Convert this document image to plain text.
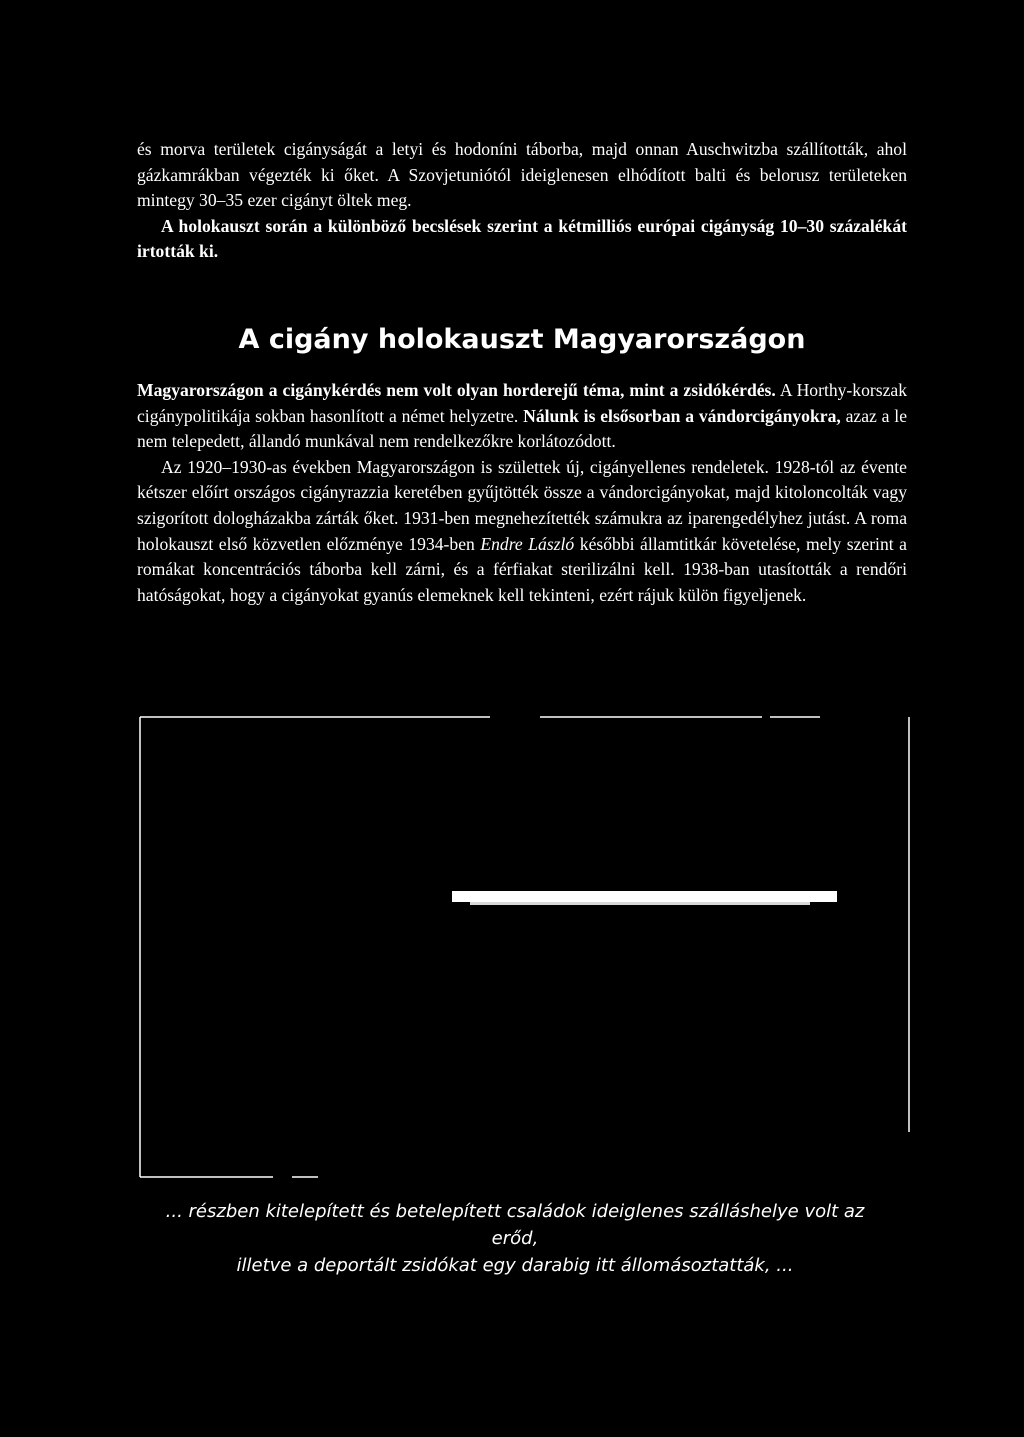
és morva területek cigányságát a letyi és hodoníni táborba, majd onnan Auschwitzba szállították, ahol gázkamrákban végezték ki őket. A Szovjetuniótól ideiglenesen elhódított balti és belorusz területeken mintegy 30–35 ezer cigányt öltek meg.
A holokauszt során a különböző becslések szerint a kétmilliós európai cigányság 10–30 százalékát irtották ki.
A cigány holokauszt Magyarországon
Magyarországon a cigánykérdés nem volt olyan horderejű téma, mint a zsidókérdés. A Horthy-korszak cigánypolitikája sokban hasonlított a német helyzetre. Nálunk is elsősorban a vándorcigányokra, azaz a le nem telepedett, állandó munkával nem rendelkezőkre korlátozódott.
Az 1920–1930-as években Magyarországon is születtek új, cigányellenes rendeletek. 1928-tól az évente kétszer előírt országos cigányrazzia keretében gyűjtötték össze a vándorcigányokat, majd kitoloncolták vagy szigorított dologházakba zárták őket. 1931-ben megnehezítették számukra az iparengedélyhez jutást. A roma holokauszt első közvetlen előzménye 1934-ben Endre László későbbi államtitkár követelése, mely szerint a romákat koncentrációs táborba kell zárni, és a férfiakat sterilizálni kell. 1938-ban utasították a rendőri hatóságokat, hogy a cigányokat gyanús elemeknek kell tekinteni, ezért rájuk külön figyeljenek.
... részben kitelepített és betelepített családok ideiglenes szálláshelye volt az erőd,
illetve a deportált zsidókat egy darabig itt állomásoztatták, ...
